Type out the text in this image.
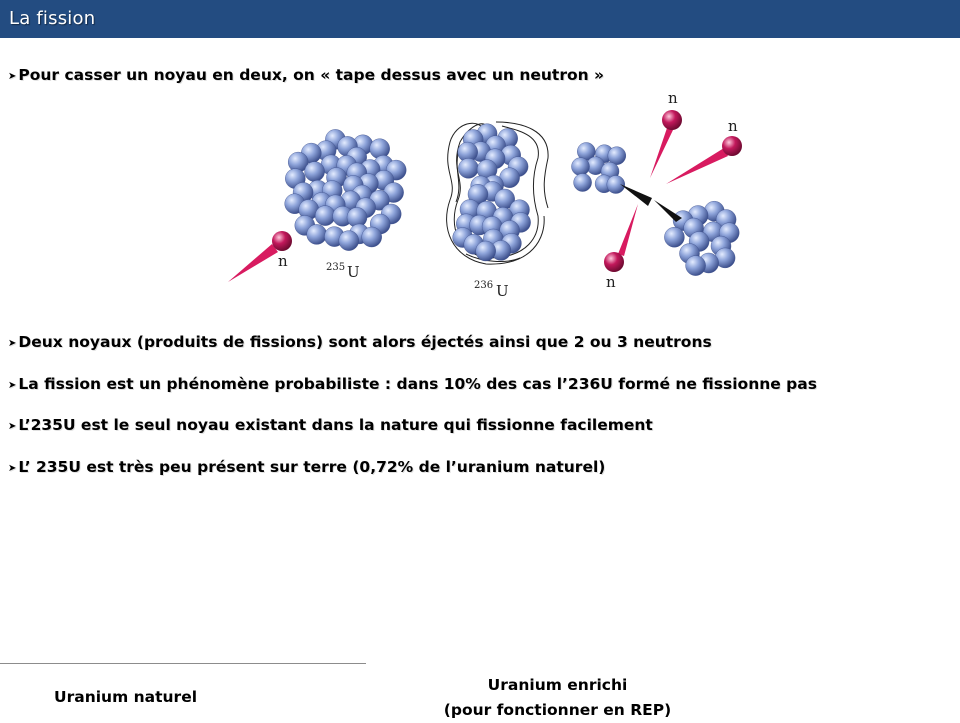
La fission
➤ Pour casser un noyau en deux, on « tape dessus avec un neutron »
n	235 U
236 U
n
n
n
➤ Deux noyaux (produits de fissions) sont alors éjectés ainsi que 2 ou 3 neutrons
➤ La fission est un phénomène probabiliste : dans 10% des cas l’236U formé ne fissionne pas
➤ L’235U est le seul noyau existant dans la nature qui fissionne facilement
➤ L’ 235U est très peu présent sur terre (0,72% de l’uranium naturel)
Uranium naturel
Uranium enrichi
(pour fonctionner en REP)
